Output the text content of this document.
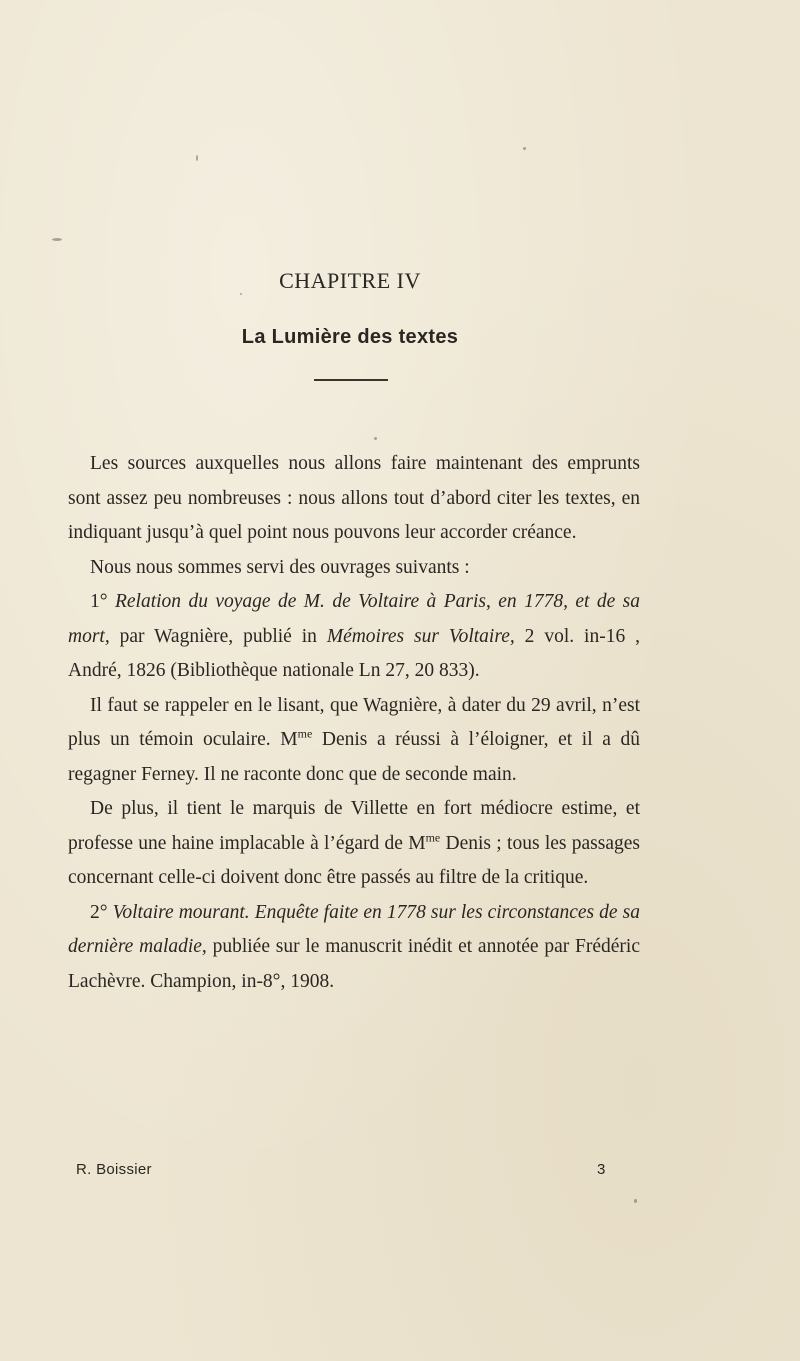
CHAPITRE IV
La Lumière des textes

Les sources auxquelles nous allons faire maintenant des emprunts sont assez peu nombreuses : nous allons tout d’abord citer les textes, en indiquant jusqu’à quel point nous pouvons leur accorder créance.

Nous nous sommes servi des ouvrages suivants :

1° Relation du voyage de M. de Voltaire à Paris, en 1778, et de sa mort, par Wagnière, publié in Mémoires sur Voltaire, 2 vol. in-16 , André, 1826 (Bibliothèque nationale Ln 27, 20 833).

Il faut se rappeler en le lisant, que Wagnière, à dater du 29 avril, n’est plus un témoin oculaire. $M^{me}$ Denis a réussi à l’éloigner, et il a dû regagner Ferney. Il ne raconte donc que de seconde main.

De plus, il tient le marquis de Villette en fort médiocre estime, et professe une haine implacable à l’égard de $M^{me}$ Denis ; tous les passages concernant celle-ci doivent donc être passés au filtre de la critique.

2° Voltaire mourant. Enquête faite en 1778 sur les circonstances de sa dernière maladie, publiée sur le manuscrit inédit et annotée par Frédéric Lachèvre. Champion, in-8°, 1908.

R. Boissier	3
